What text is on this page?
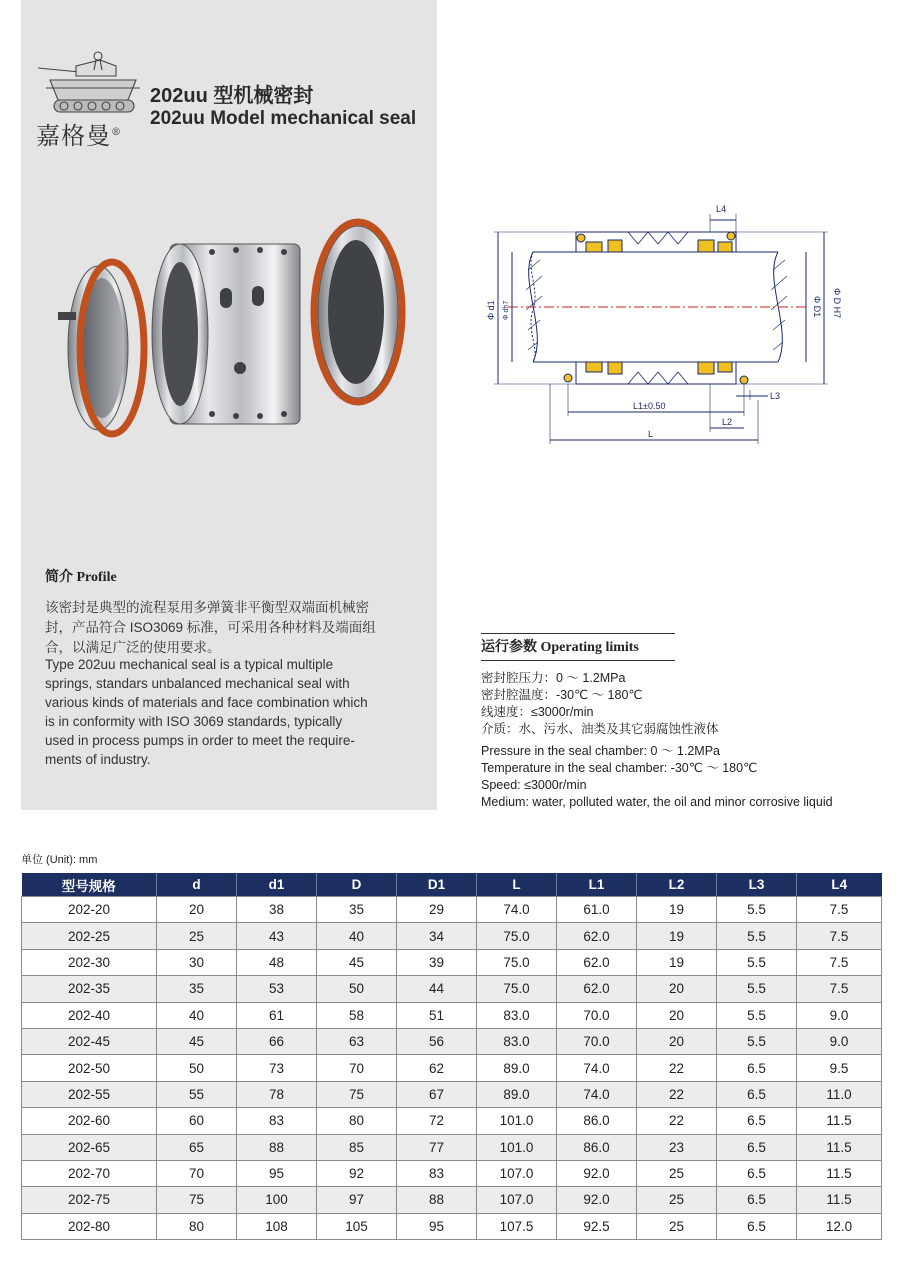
嘉格曼®
202uu 型机械密封
202uu Model mechanical seal
L4
Φ d1 Φ dh7	Φ D1 Φ D H7
L1±0.50
L3
L2
L
简介 Profile
该密封是典型的流程泵用多弹簧非平衡型双端面机械密
封，产品符合 ISO3069 标准，可采用各种材料及端面组
合，以满足广泛的使用要求。
Type 202uu mechanical seal is a typical multiple
springs, standars unbalanced mechanical seal with
various kinds of materials and face combination which
is in conformity with ISO 3069 standards, typically
used in process pumps in order to meet the require-
ments of industry.
运行参数 Operating limits
密封腔压力：0 ～ 1.2MPa
密封腔温度：-30℃ ～ 180℃
线速度：≤3000r/min
介质：水、污水、油类及其它弱腐蚀性液体
Pressure in the seal chamber: 0 ～ 1.2MPa
Temperature in the seal chamber: -30℃ ～ 180℃
Speed: ≤3000r/min
Medium: water, polluted water, the oil and minor corrosive liquid
单位 (Unit): mm
型号规格	d	d1	D	D1	L	L1	L2	L3	L4
202-20	20	38	35	29	74.0	61.0	19	5.5	7.5
202-25	25	43	40	34	75.0	62.0	19	5.5	7.5
202-30	30	48	45	39	75.0	62.0	19	5.5	7.5
202-35	35	53	50	44	75.0	62.0	20	5.5	7.5
202-40	40	61	58	51	83.0	70.0	20	5.5	9.0
202-45	45	66	63	56	83.0	70.0	20	5.5	9.0
202-50	50	73	70	62	89.0	74.0	22	6.5	9.5
202-55	55	78	75	67	89.0	74.0	22	6.5	11.0
202-60	60	83	80	72	101.0	86.0	22	6.5	11.5
202-65	65	88	85	77	101.0	86.0	23	6.5	11.5
202-70	70	95	92	83	107.0	92.0	25	6.5	11.5
202-75	75	100	97	88	107.0	92.0	25	6.5	11.5
202-80	80	108	105	95	107.5	92.5	25	6.5	12.0
